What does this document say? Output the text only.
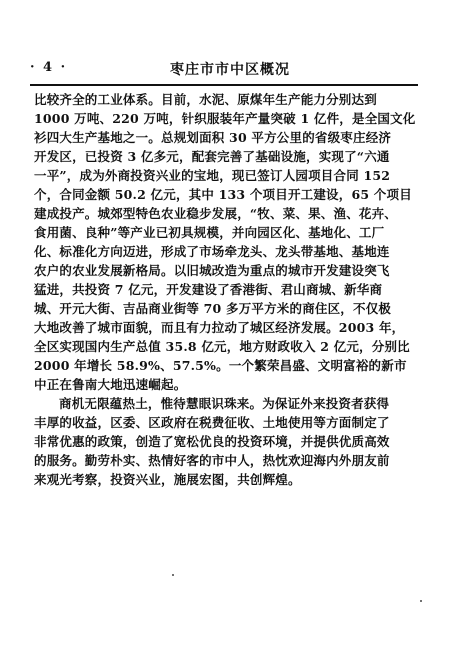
· 4 ·	枣庄市市中区概况

比较齐全的工业体系。目前，水泥、原煤年生产能力分别达到
1000 万吨、220 万吨，针织服装年产量突破 1 亿件，是全国文化
衫四大生产基地之一。总规划面积 30 平方公里的省级枣庄经济
开发区，已投资 3 亿多元，配套完善了基础设施，实现了“六通
一平”，成为外商投资兴业的宝地，现已签订人园项目合同 152
个，合同金额 50.2 亿元，其中 133 个项目开工建设，65 个项目
建成投产。城郊型特色农业稳步发展，“牧、菜、果、渔、花卉、
食用菌、良种”等产业已初具规模，并向园区化、基地化、工厂
化、标准化方向迈进，形成了市场牵龙头、龙头带基地、基地连
农户的农业发展新格局。以旧城改造为重点的城市开发建设突飞
猛进，共投资 7 亿元，开发建设了香港街、君山商城、新华商
城、开元大街、吉品商业街等 70 多万平方米的商住区，不仅极
大地改善了城市面貌，而且有力拉动了城区经济发展。2003 年，
全区实现国内生产总值 35.8 亿元，地方财政收入 2 亿元，分别比
2000 年增长 58.9%、57.5%。一个繁荣昌盛、文明富裕的新市
中正在鲁南大地迅速崛起。

商机无限蕴热土，惟待慧眼识珠来。为保证外来投资者获得
丰厚的收益，区委、区政府在税费征收、土地使用等方面制定了
非常优惠的政策，创造了宽松优良的投资环境，并提供优质高效
的服务。勤劳朴实、热情好客的市中人，热忱欢迎海内外朋友前
来观光考察，投资兴业，施展宏图，共创辉煌。
